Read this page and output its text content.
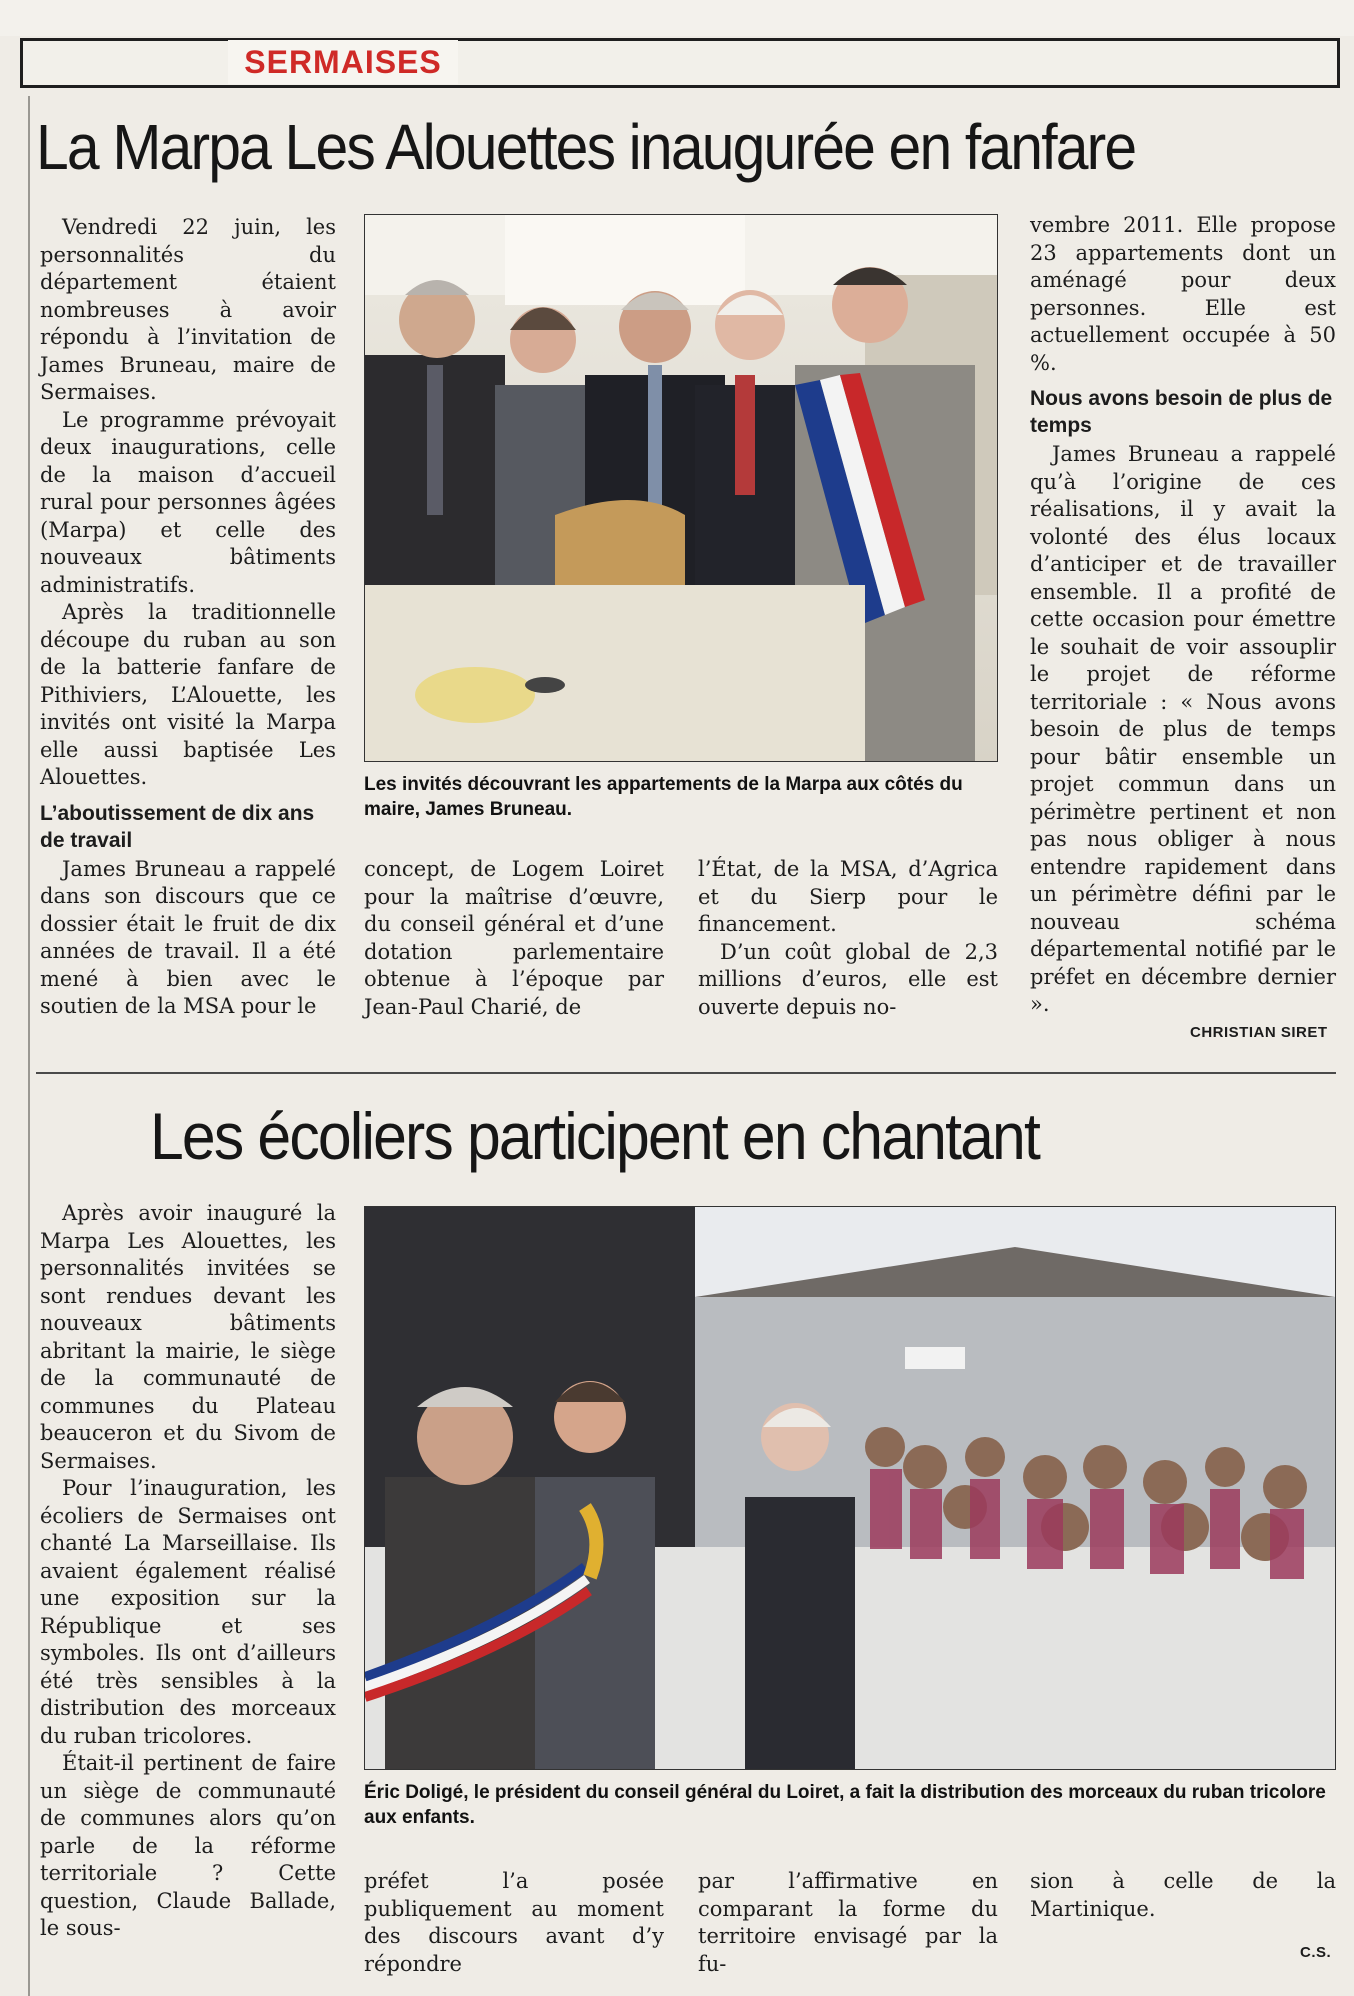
SERMAISES
La Marpa Les Alouettes inaugurée en fanfare

Vendredi 22 juin, les personnalités du département étaient nombreuses à avoir répondu à l’invitation de James Bruneau, maire de Sermaises.

Le programme prévoyait deux inaugurations, celle de la maison d’accueil rural pour personnes âgées (Marpa) et celle des nouveaux bâtiments administratifs.

Après la traditionnelle découpe du ruban au son de la batterie fanfare de Pithiviers, L’Alouette, les invités ont visité la Marpa elle aussi baptisée Les Alouettes.

L’aboutissement de dix ans de travail

James Bruneau a rappelé dans son discours que ce dossier était le fruit de dix années de travail. Il a été mené à bien avec le soutien de la MSA pour le

Les invités découvrant les appartements de la Marpa aux côtés du maire, James Bruneau.

concept, de Logem Loiret pour la maîtrise d’œuvre, du conseil général et d’une dotation parlementaire obtenue à l’époque par Jean-Paul Charié, de

l’État, de la MSA, d’Agrica et du Sierp pour le financement.

D’un coût global de 2,3 millions d’euros, elle est ouverte depuis no-

vembre 2011. Elle propose 23 appartements dont un aménagé pour deux personnes. Elle est actuellement occupée à 50 %.

Nous avons besoin de plus de temps

James Bruneau a rappelé qu’à l’origine de ces réalisations, il y avait la volonté des élus locaux d’anticiper et de travailler ensemble. Il a profité de cette occasion pour émettre le souhait de voir assouplir le projet de réforme territoriale : « Nous avons besoin de plus de temps pour bâtir ensemble un projet commun dans un périmètre pertinent et non pas nous obliger à nous entendre rapidement dans un périmètre défini par le nouveau schéma départemental notifié par le préfet en décembre dernier ».

CHRISTIAN SIRET
Les écoliers participent en chantant

Après avoir inauguré la Marpa Les Alouettes, les personnalités invitées se sont rendues devant les nouveaux bâtiments abritant la mairie, le siège de la communauté de communes du Plateau beauceron et du Sivom de Sermaises.

Pour l’inauguration, les écoliers de Sermaises ont chanté La Marseillaise. Ils avaient également réalisé une exposition sur la République et ses symboles. Ils ont d’ailleurs été très sensibles à la distribution des morceaux du ruban tricolores.

Était-il pertinent de faire un siège de communauté de communes alors qu’on parle de la réforme territoriale ? Cette question, Claude Ballade, le sous-

Éric Doligé, le président du conseil général du Loiret, a fait la distribution des morceaux du ruban tricolore aux enfants.

préfet l’a posée publiquement au moment des discours avant d’y répondre

par l’affirmative en comparant la forme du territoire envisagé par la fu-

sion à celle de la Martinique.

C.S.
